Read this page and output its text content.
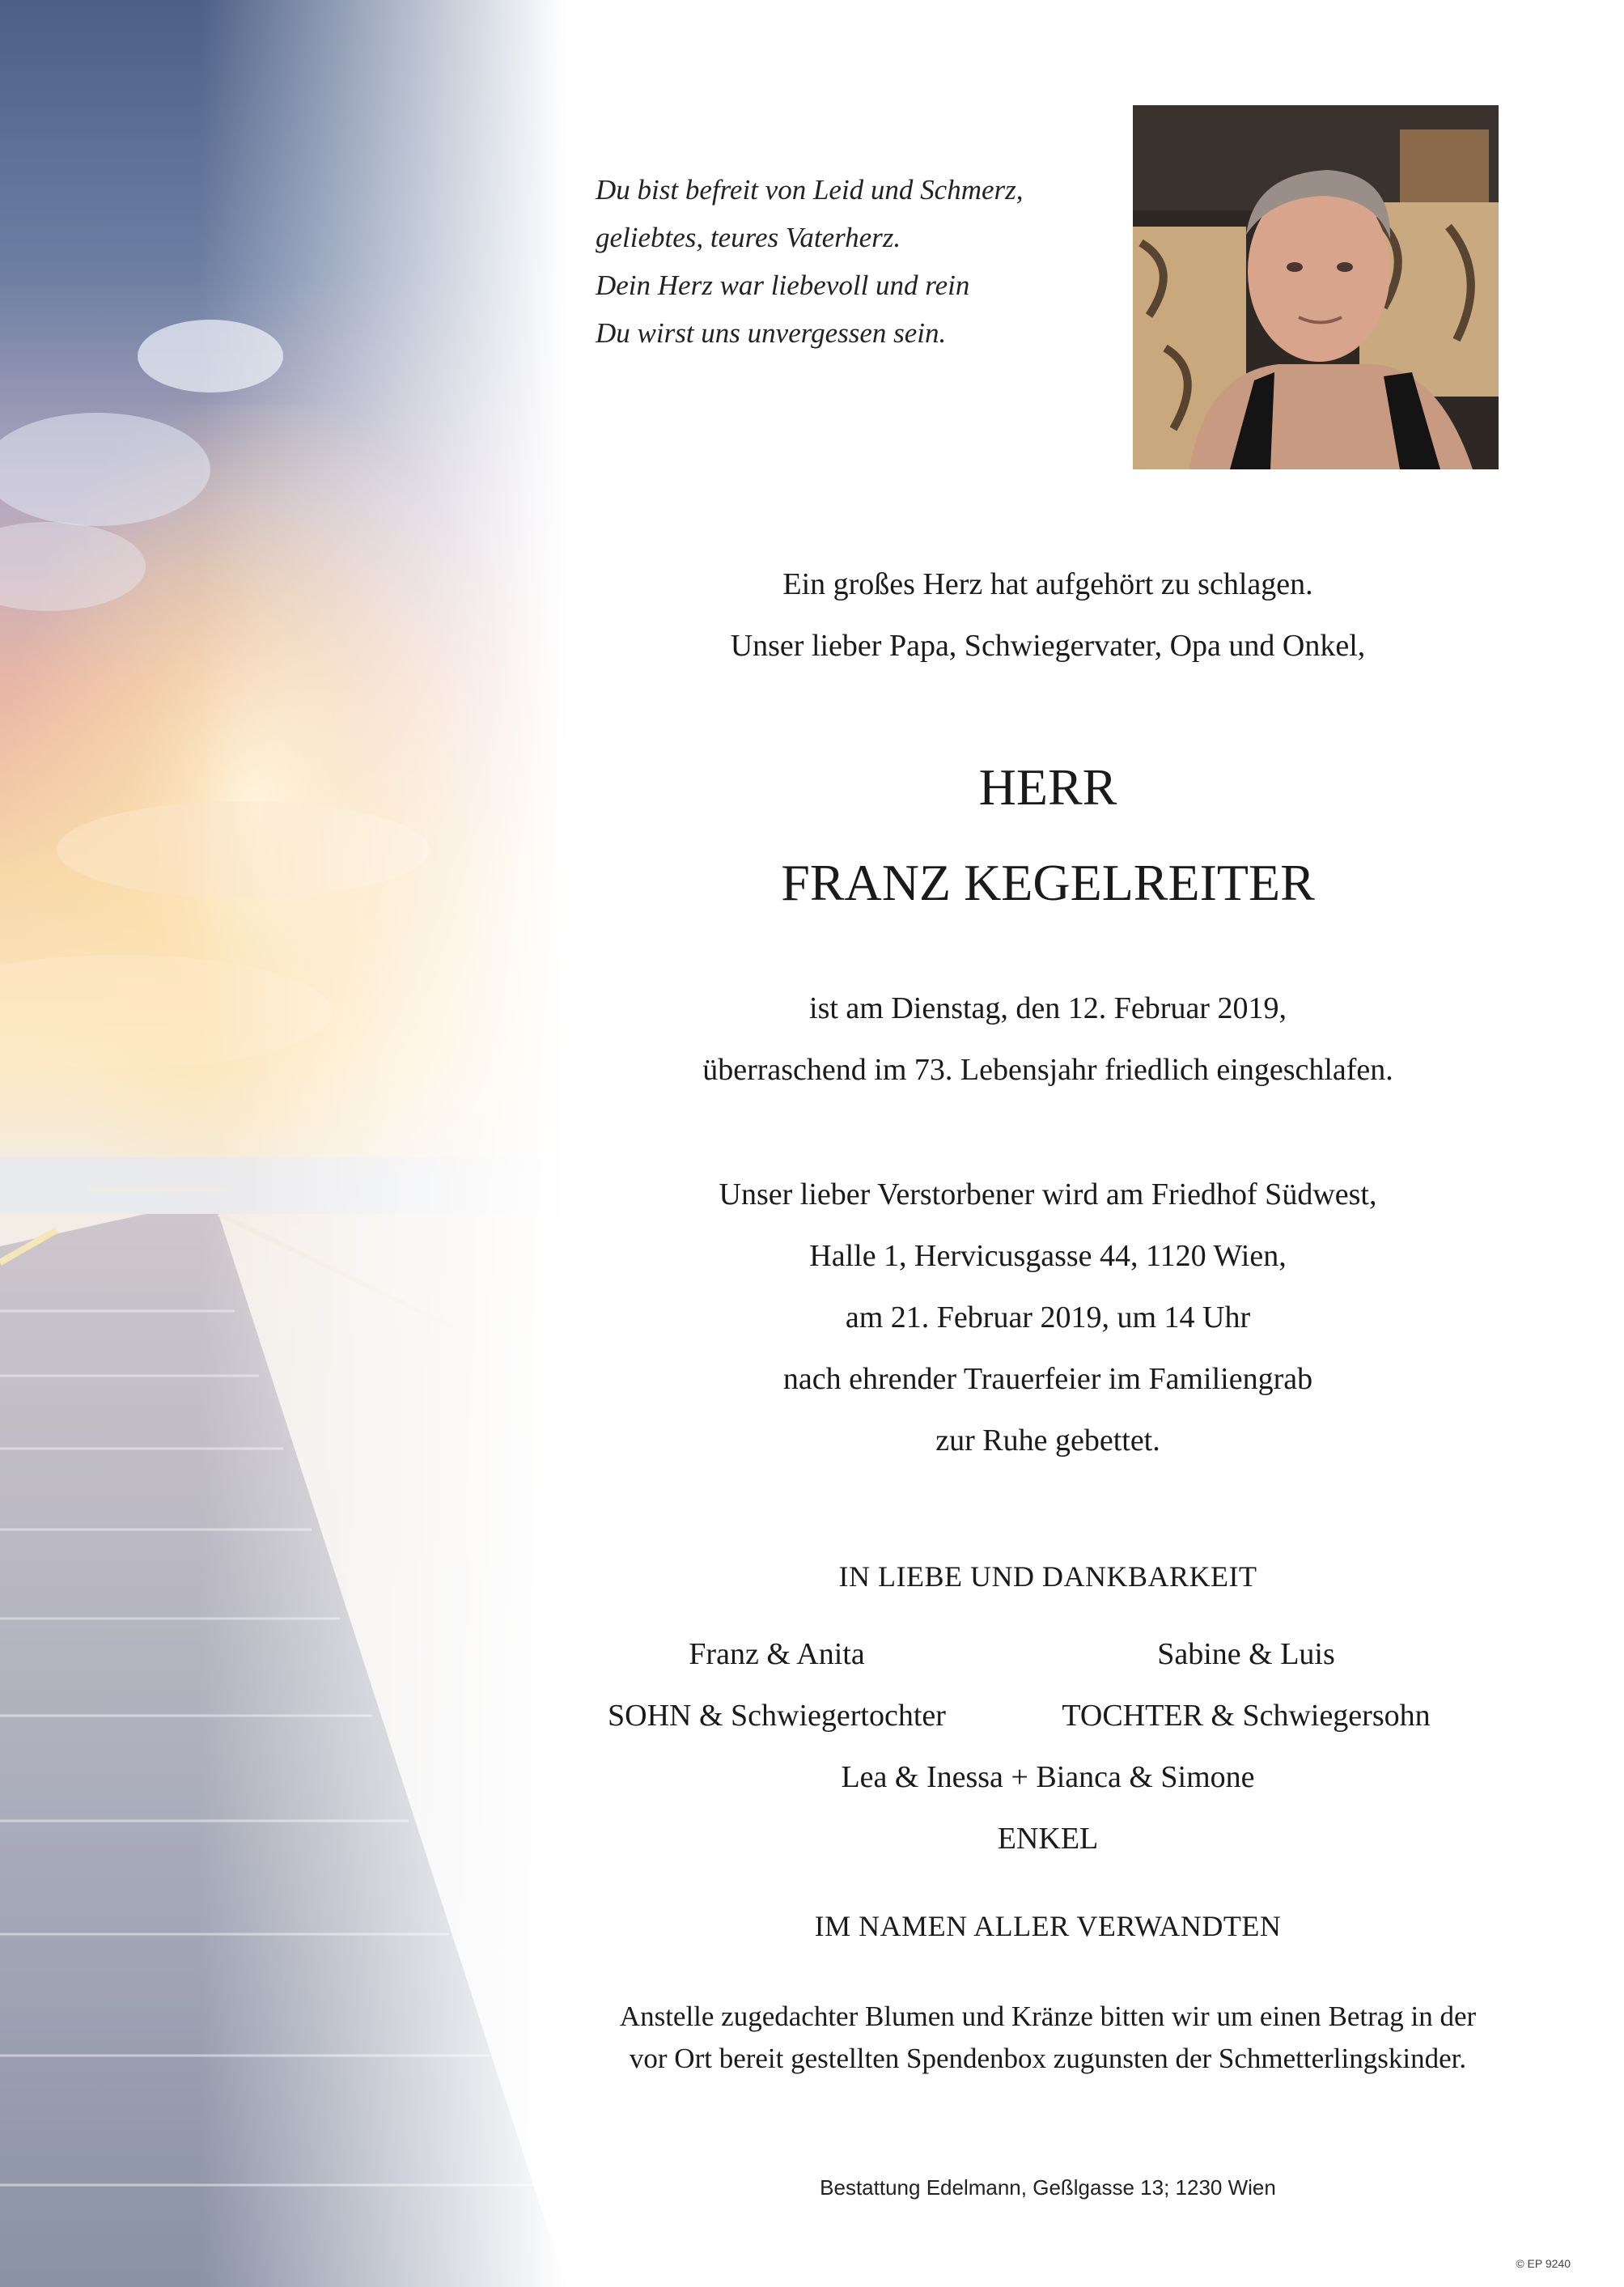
Du bist befreit von Leid und Schmerz,
geliebtes, teures Vaterherz.
Dein Herz war liebevoll und rein
Du wirst uns unvergessen sein.
Ein großes Herz hat aufgehört zu schlagen.
Unser lieber Papa, Schwiegervater, Opa und Onkel,
HERR
FRANZ KEGELREITER
ist am Dienstag, den 12. Februar 2019,
überraschend im 73. Lebensjahr friedlich eingeschlafen.
Unser lieber Verstorbener wird am Friedhof Südwest,
Halle 1, Hervicusgasse 44, 1120 Wien,
am 21. Februar 2019, um 14 Uhr
nach ehrender Trauerfeier im Familiengrab
zur Ruhe gebettet.
IN LIEBE UND DANKBARKEIT
Franz & Anita
SOHN & Schwiegertochter
Sabine & Luis
TOCHTER & Schwiegersohn
Lea & Inessa + Bianca & Simone
ENKEL
IM NAMEN ALLER VERWANDTEN
Anstelle zugedachter Blumen und Kränze bitten wir um einen Betrag in der
vor Ort bereit gestellten Spendenbox zugunsten der Schmetterlingskinder.
Bestattung Edelmann, Geßlgasse 13; 1230 Wien
© EP 9240
